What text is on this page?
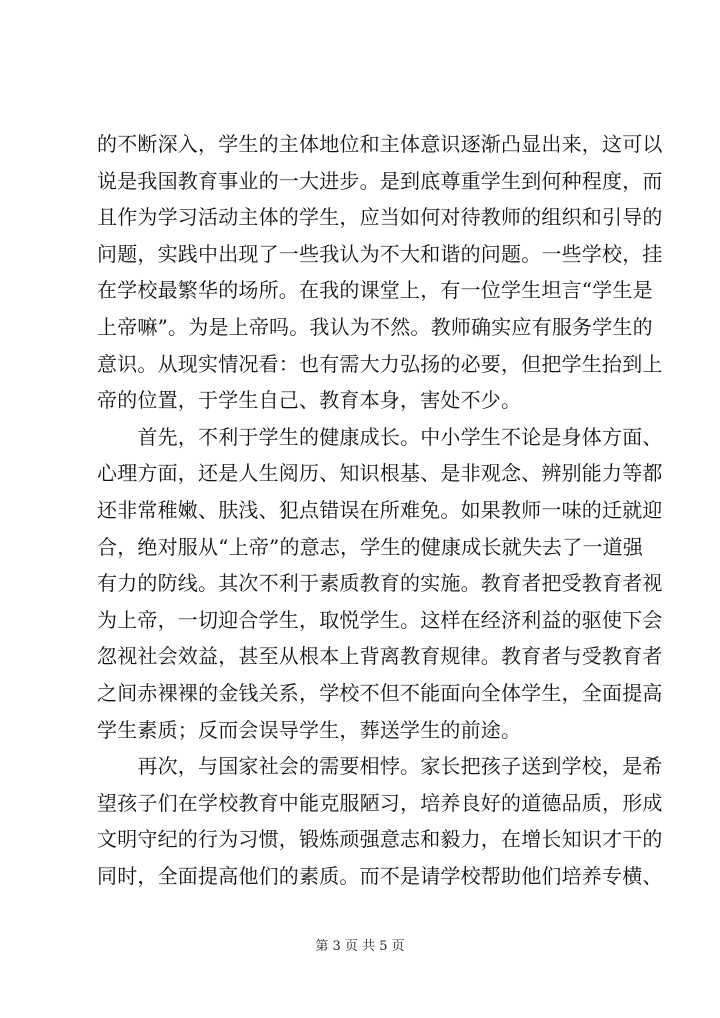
的不断深入，学生的主体地位和主体意识逐渐凸显出来，这可以
说是我国教育事业的一大进步。是到底尊重学生到何种程度，而
且作为学习活动主体的学生，应当如何对待教师的组织和引导的
问题，实践中出现了一些我认为不大和谐的问题。一些学校，挂
在学校最繁华的场所。在我的课堂上，有一位学生坦言“学生是
上帝嘛”。为是上帝吗。我认为不然。教师确实应有服务学生的
意识。从现实情况看：也有需大力弘扬的必要，但把学生抬到上
帝的位置，于学生自己、教育本身，害处不少。
　　首先，不利于学生的健康成长。中小学生不论是身体方面、
心理方面，还是人生阅历、知识根基、是非观念、辨别能力等都
还非常稚嫩、肤浅、犯点错误在所难免。如果教师一味的迁就迎
合，绝对服从“上帝”的意志，学生的健康成长就失去了一道强
有力的防线。其次不利于素质教育的实施。教育者把受教育者视
为上帝，一切迎合学生，取悦学生。这样在经济利益的驱使下会
忽视社会效益，甚至从根本上背离教育规律。教育者与受教育者
之间赤裸裸的金钱关系，学校不但不能面向全体学生，全面提高
学生素质；反而会误导学生，葬送学生的前途。
　　再次，与国家社会的需要相悖。家长把孩子送到学校，是希
望孩子们在学校教育中能克服陋习，培养良好的道德品质，形成
文明守纪的行为习惯，锻炼顽强意志和毅力，在增长知识才干的
同时，全面提高他们的素质。而不是请学校帮助他们培养专横、
第 3 页 共 5 页
